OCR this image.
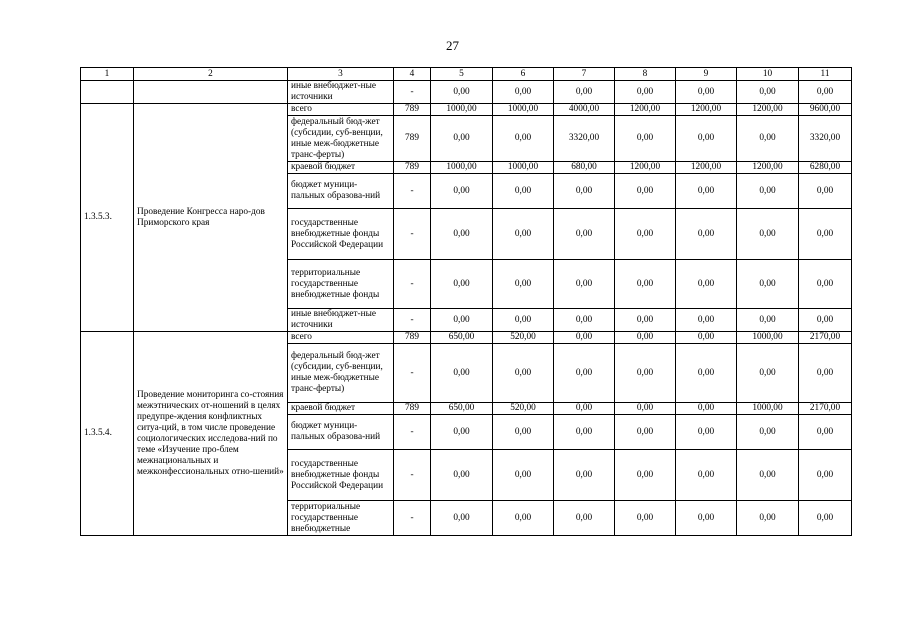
27
1	2	3	4	5	6	7	8	9	10	11
		иные внебюджет-ные источники	-	0,00	0,00	0,00	0,00	0,00	0,00	0,00
1.3.5.3.	Проведение Конгресса наро-дов Приморского края	всего	789	1000,00	1000,00	4000,00	1200,00	1200,00	1200,00	9600,00
		федеральный бюд-жет (субсидии, суб-венции, иные меж-бюджетные транс-ферты)	789	0,00	0,00	3320,00	0,00	0,00	0,00	3320,00
		краевой бюджет	789	1000,00	1000,00	680,00	1200,00	1200,00	1200,00	6280,00
		бюджет муници-пальных образова-ний	-	0,00	0,00	0,00	0,00	0,00	0,00	0,00
		государственные внебюджетные фонды Российской Федерации	-	0,00	0,00	0,00	0,00	0,00	0,00	0,00
		территориальные государственные внебюджетные фонды	-	0,00	0,00	0,00	0,00	0,00	0,00	0,00
		иные внебюджет-ные источники	-	0,00	0,00	0,00	0,00	0,00	0,00	0,00
1.3.5.4.	Проведение мониторинга со-стояния межэтнических от-ношений в целях предупре-ждения конфликтных ситуа-ций, в том числе проведение социологических исследова-ний по теме «Изучение про-блем межнациональных и межконфессиональных отно-шений»	всего	789	650,00	520,00	0,00	0,00	0,00	1000,00	2170,00
		федеральный бюд-жет (субсидии, суб-венции, иные меж-бюджетные транс-ферты)	-	0,00	0,00	0,00	0,00	0,00	0,00	0,00
		краевой бюджет	789	650,00	520,00	0,00	0,00	0,00	1000,00	2170,00
		бюджет муници-пальных образова-ний	-	0,00	0,00	0,00	0,00	0,00	0,00	0,00
		государственные внебюджетные фонды Российской Федерации	-	0,00	0,00	0,00	0,00	0,00	0,00	0,00
		территориальные государственные внебюджетные	-	0,00	0,00	0,00	0,00	0,00	0,00	0,00
